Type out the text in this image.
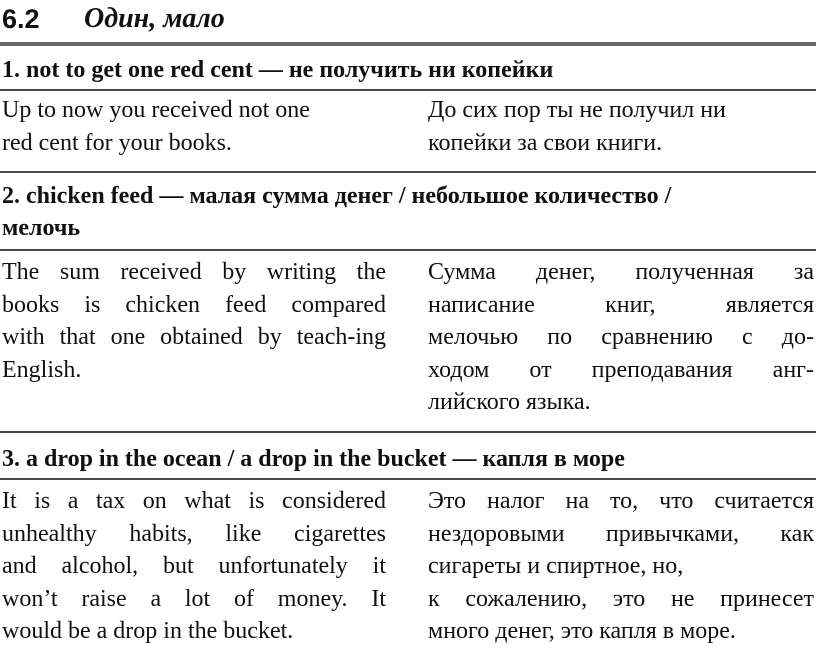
6.2 Один, мало
1. not to get one red cent — не получить ни копейки
Up to now you received not one
red cent for your books.
До сих пор ты не получил ни
копейки за свои книги.
2. chicken feed — малая сумма денег / небольшое количество /
мелочь
The sum received by writing the
books is chicken feed compared
with that one obtained by teach-ing
English.
Сумма денег, полученная за
написание книг, является
мелочью по сравнению с до-
ходом от преподавания анг-
лийского языка.
3. a drop in the ocean / a drop in the bucket — капля в море
It is a tax on what is considered
unhealthy habits, like cigarettes
and alcohol, but unfortunately it
won’t raise a lot of money. It
would be a drop in the bucket.
Это налог на то, что считается
нездоровыми привычками, как
сигареты и спиртное, но,
к сожалению, это не принесет
много денег, это капля в море.
